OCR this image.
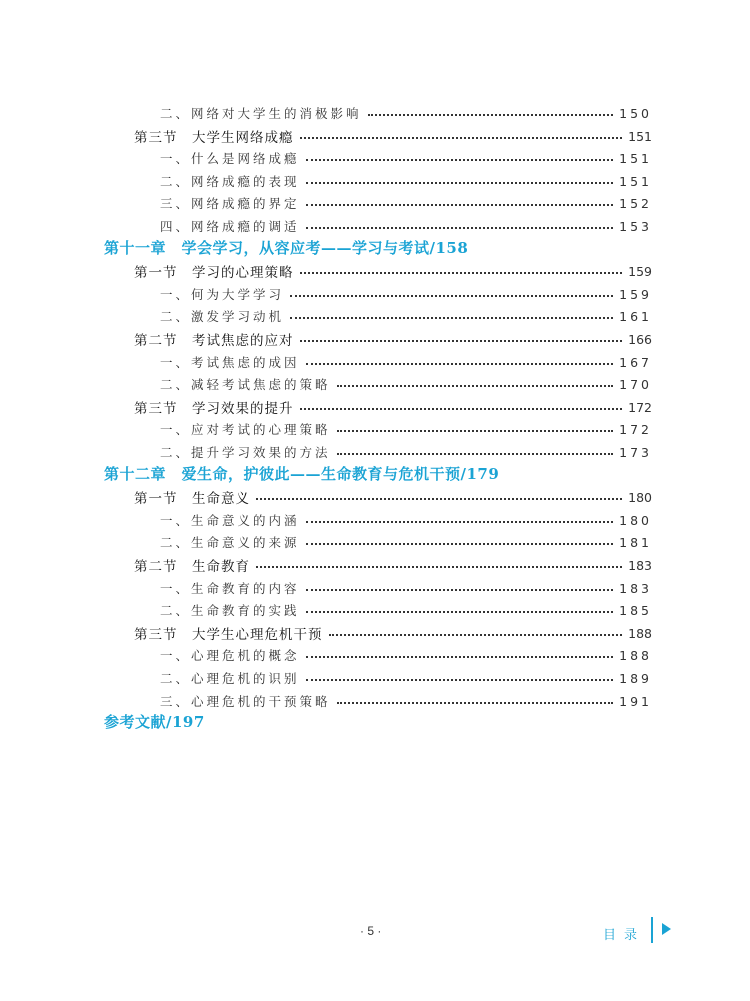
二、网络对大学生的消极影响	150
第三节　大学生网络成瘾	151
一、什么是网络成瘾	151
二、网络成瘾的表现	151
三、网络成瘾的界定	152
四、网络成瘾的调适	153
第十一章　学会学习，从容应考——学习与考试/158
第一节　学习的心理策略	159
一、何为大学学习	159
二、激发学习动机	161
第二节　考试焦虑的应对	166
一、考试焦虑的成因	167
二、减轻考试焦虑的策略	170
第三节　学习效果的提升	172
一、应对考试的心理策略	172
二、提升学习效果的方法	173
第十二章　爱生命，护彼此——生命教育与危机干预/179
第一节　生命意义	180
一、生命意义的内涵	180
二、生命意义的来源	181
第二节　生命教育	183
一、生命教育的内容	183
二、生命教育的实践	185
第三节　大学生心理危机干预	188
一、心理危机的概念	188
二、心理危机的识别	189
三、心理危机的干预策略	191
参考文献/197
· 5 ·	目录
